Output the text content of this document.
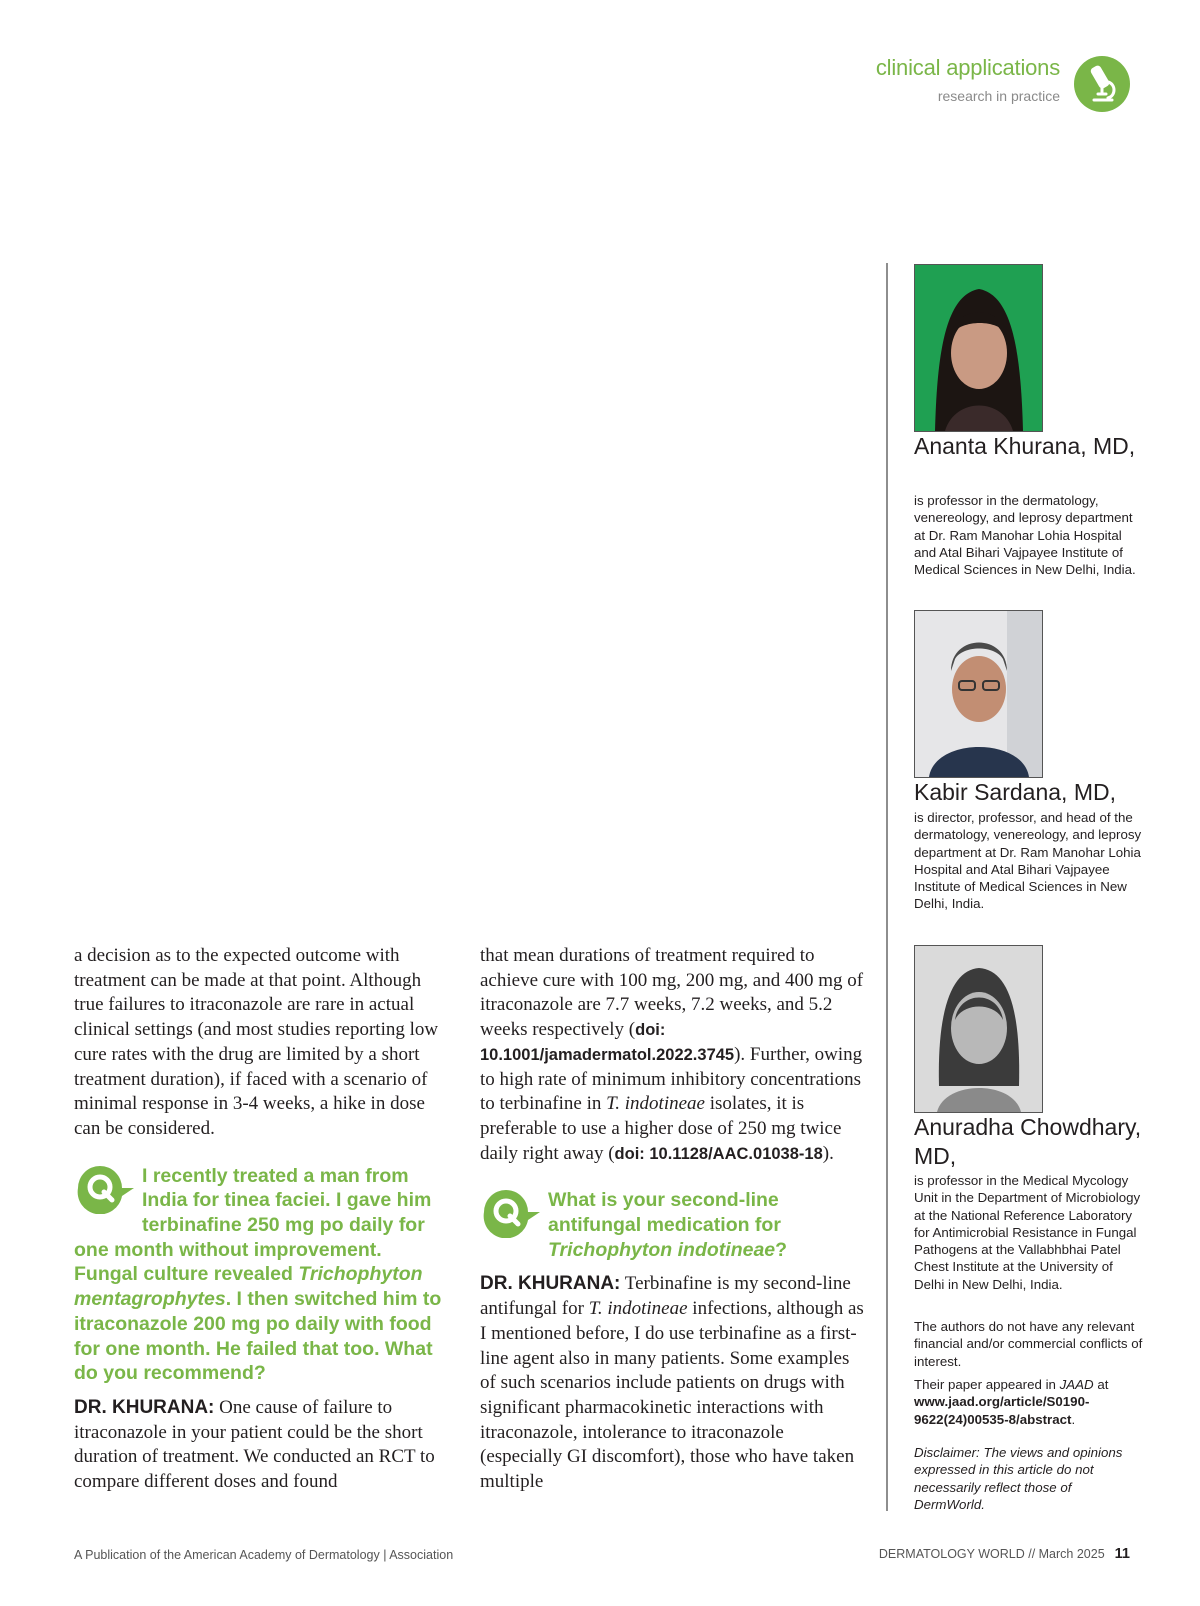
clinical applications
research in practice

a decision as to the expected outcome with treatment can be made at that point. Although true failures to itraconazole are rare in actual clinical settings (and most studies reporting low cure rates with the drug are limited by a short treatment duration), if faced with a scenario of minimal response in 3-4 weeks, a hike in dose can be considered.

I recently treated a man from India for tinea faciei. I gave him terbinafine 250 mg po daily for one month without improvement. Fungal culture revealed Trichophyton mentagrophytes. I then switched him to itraconazole 200 mg po daily with food for one month. He failed that too. What do you recommend?

DR. KHURANA: One cause of failure to itraconazole in your patient could be the short duration of treatment. We conducted an RCT to compare different doses and found

that mean durations of treatment required to achieve cure with 100 mg, 200 mg, and 400 mg of itraconazole are 7.7 weeks, 7.2 weeks, and 5.2 weeks respectively (doi: 10.1001/jamadermatol.2022.3745). Further, owing to high rate of minimum inhibitory concentrations to terbinafine in T. indotineae isolates, it is preferable to use a higher dose of 250 mg twice daily right away (doi: 10.1128/AAC.01038-18).

What is your second-line antifungal medication for Trichophyton indotineae?

DR. KHURANA: Terbinafine is my second-line antifungal for T. indotineae infections, although as I mentioned before, I do use terbinafine as a first-line agent also in many patients. Some examples of such scenarios include patients on drugs with significant pharmacokinetic interactions with itraconazole, intolerance to itraconazole (especially GI discomfort), those who have taken multiple

Ananta Khurana, MD,
is professor in the dermatology, venereology, and leprosy department at Dr. Ram Manohar Lohia Hospital and Atal Bihari Vajpayee Institute of Medical Sciences in New Delhi, India.
Kabir Sardana, MD,
is director, professor, and head of the dermatology, venereology, and leprosy department at Dr. Ram Manohar Lohia Hospital and Atal Bihari Vajpayee Institute of Medical Sciences in New Delhi, India.
Anuradha Chowdhary, MD,
is professor in the Medical Mycology Unit in the Department of Microbiology at the National Reference Laboratory for Antimicrobial Resistance in Fungal Pathogens at the Vallabhbhai Patel Chest Institute at the University of Delhi in New Delhi, India.
The authors do not have any relevant financial and/or commercial conflicts of interest.
Their paper appeared in JAAD at www.jaad.org/article/S0190-9622(24)00535-8/abstract.
Disclaimer: The views and opinions expressed in this article do not necessarily reflect those of DermWorld.
A Publication of the American Academy of Dermatology | Association	DERMATOLOGY WORLD // March 2025 11
